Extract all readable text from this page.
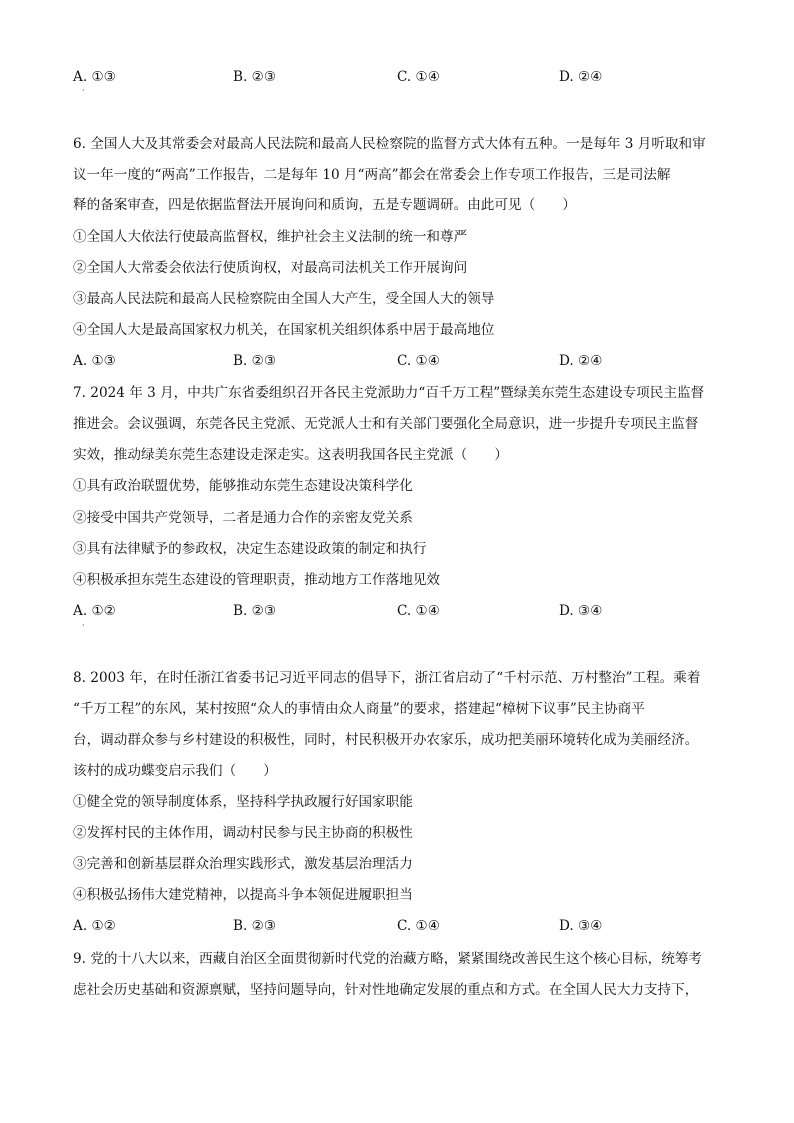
A. ①③	B. ②③	C. ①④	D. ②④
·
6. 全国人大及其常委会对最高人民法院和最高人民检察院的监督方式大体有五种。一是每年 3 月听取和审
议一年一度的“两高”工作报告，二是每年 10 月“两高”都会在常委会上作专项工作报告，三是司法解
释的备案审查，四是依据监督法开展询问和质询，五是专题调研。由此可见（　　）
①全国人大依法行使最高监督权，维护社会主义法制的统一和尊严
②全国人大常委会依法行使质询权，对最高司法机关工作开展询问
③最高人民法院和最高人民检察院由全国人大产生，受全国人大的领导
④全国人大是最高国家权力机关，在国家机关组织体系中居于最高地位
A. ①③	B. ②③	C. ①④	D. ②④
7. 2024 年 3 月，中共广东省委组织召开各民主党派助力“百千万工程”暨绿美东莞生态建设专项民主监督
推进会。会议强调，东莞各民主党派、无党派人士和有关部门要强化全局意识，进一步提升专项民主监督
实效，推动绿美东莞生态建设走深走实。这表明我国各民主党派（　　）
①具有政治联盟优势，能够推动东莞生态建设决策科学化
②接受中国共产党领导，二者是通力合作的亲密友党关系
③具有法律赋予的参政权，决定生态建设政策的制定和执行
④积极承担东莞生态建设的管理职责，推动地方工作落地见效
A. ①②	B. ②③	C. ①④	D. ③④
·
8. 2003 年，在时任浙江省委书记习近平同志的倡导下，浙江省启动了“千村示范、万村整治”工程。乘着
“千万工程”的东风，某村按照“众人的事情由众人商量”的要求，搭建起“樟树下议事”民主协商平
台，调动群众参与乡村建设的积极性，同时，村民积极开办农家乐，成功把美丽环境转化成为美丽经济。
该村的成功蝶变启示我们（　　）
①健全党的领导制度体系，坚持科学执政履行好国家职能
②发挥村民的主体作用，调动村民参与民主协商的积极性
③完善和创新基层群众治理实践形式，激发基层治理活力
④积极弘扬伟大建党精神，以提高斗争本领促进履职担当
A. ①②	B. ②③	C. ①④	D. ③④
9. 党的十八大以来，西藏自治区全面贯彻新时代党的治藏方略，紧紧围绕改善民生这个核心目标，统筹考
虑社会历史基础和资源禀赋，坚持问题导向，针对性地确定发展的重点和方式。在全国人民大力支持下，
